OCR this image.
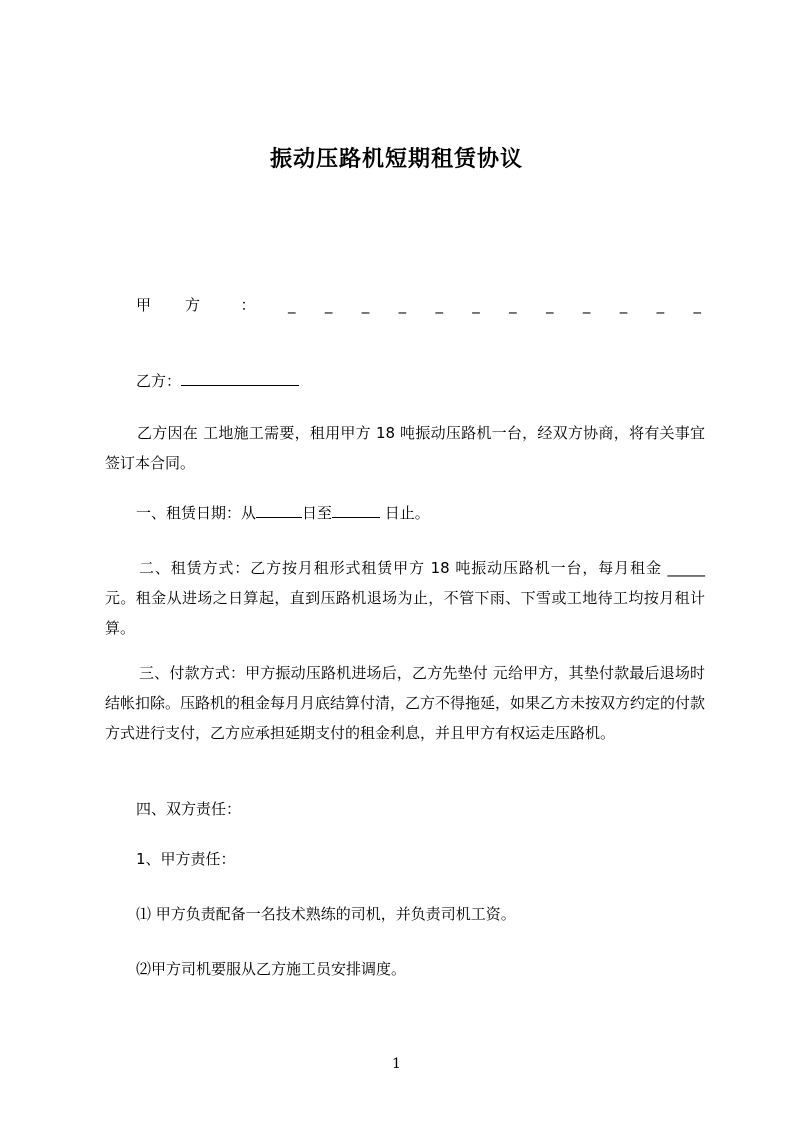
振动压路机短期租赁协议
甲方 ：	_ _ _ _ _ _ _ _ _ _ _ _
乙方：
乙方因在 工地施工需要，租用甲方 18 吨振动压路机一台，经双方协商，将有关事宜签订本合同。
一、租赁日期：从	日至	日止。
二、租赁方式：乙方按月租形式租赁甲方 18 吨振动压路机一台，每月租金 _____ 元。租金从进场之日算起，直到压路机退场为止，不管下雨、下雪或工地待工均按月租计算。
三、付款方式：甲方振动压路机进场后，乙方先垫付 元给甲方，其垫付款最后退场时结帐扣除。压路机的租金每月月底结算付清，乙方不得拖延，如果乙方未按双方约定的付款方式进行支付，乙方应承担延期支付的租金利息，并且甲方有权运走压路机。
四、双方责任：
1、甲方责任：
⑴ 甲方负责配备一名技术熟练的司机，并负责司机工资。
⑵甲方司机要服从乙方施工员安排调度。
1
